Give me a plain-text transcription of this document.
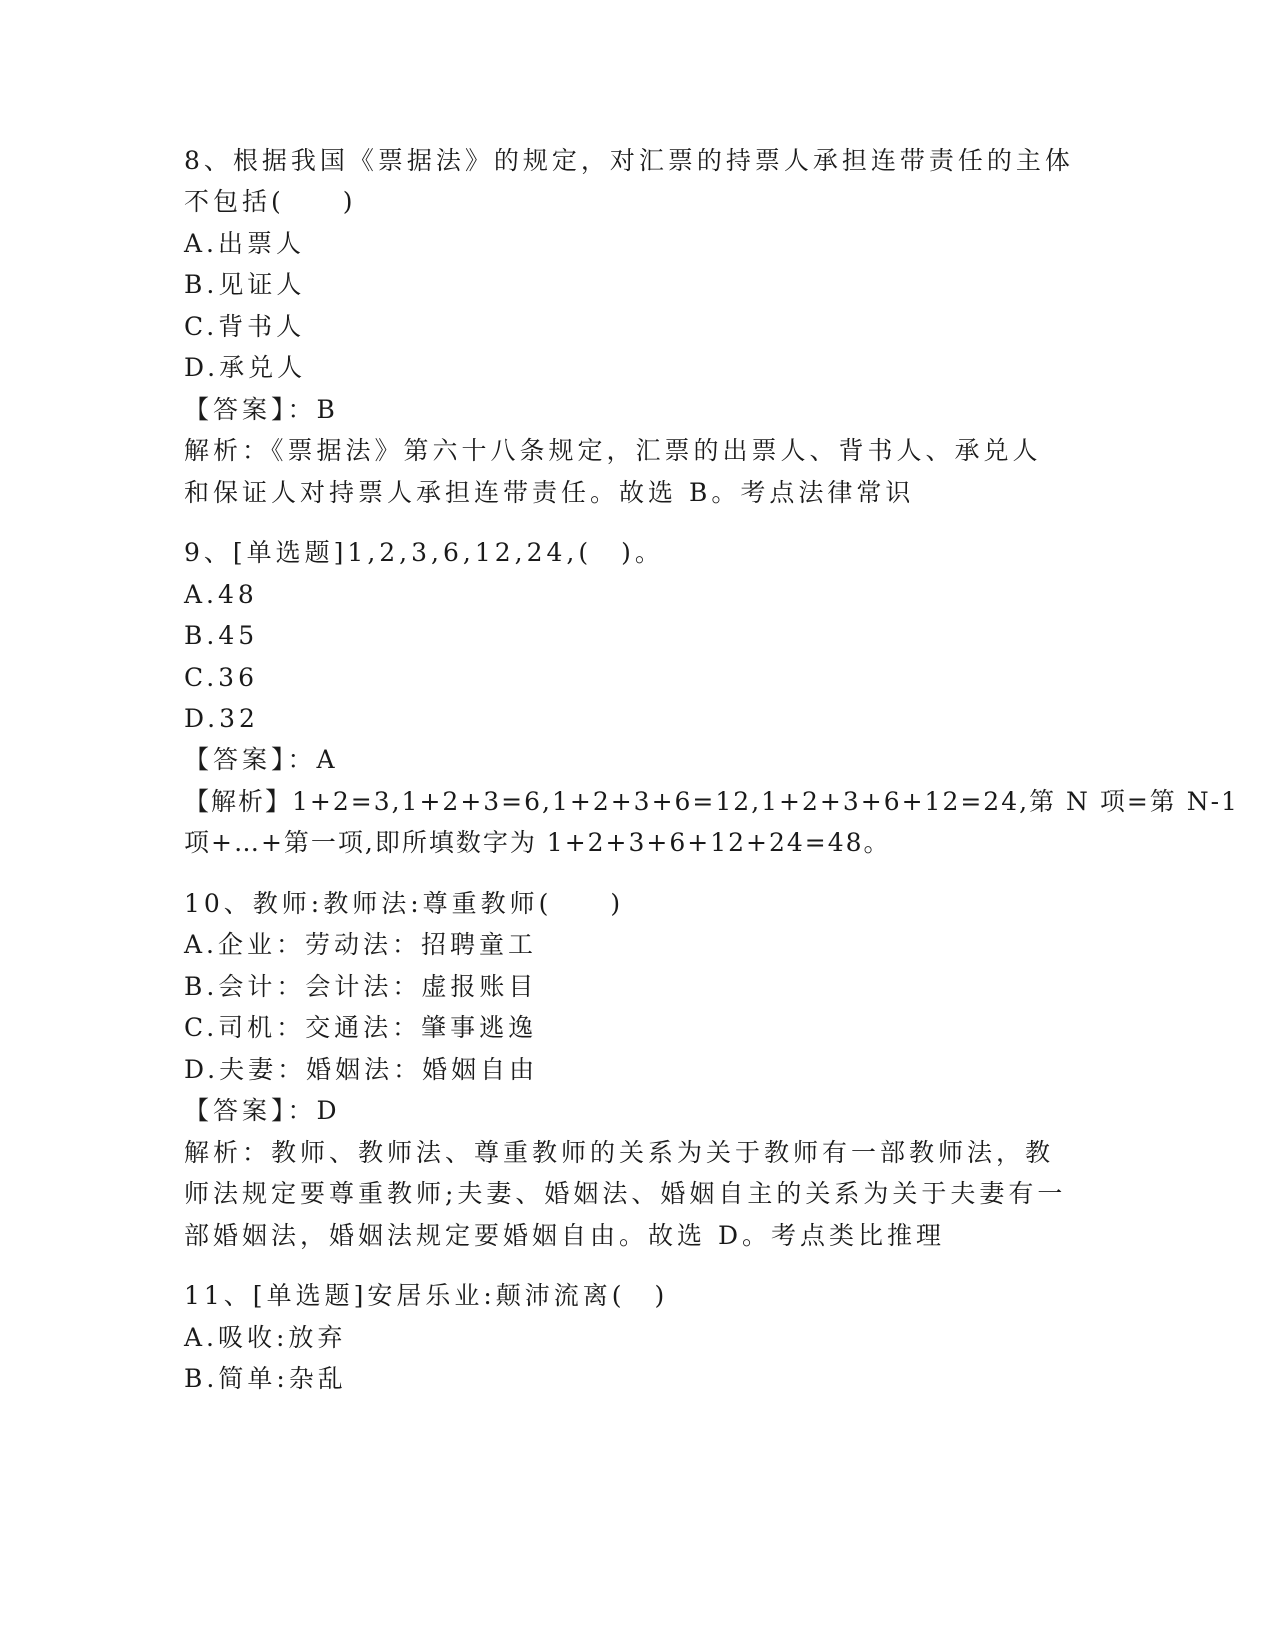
8、根据我国《票据法》的规定，对汇票的持票人承担连带责任的主体
不包括(　　)
A.出票人
B.见证人
C.背书人
D.承兑人
【答案】：B
解析：《票据法》第六十八条规定，汇票的出票人、背书人、承兑人
和保证人对持票人承担连带责任。故选 B。考点法律常识
9、[单选题]1,2,3,6,12,24,(　)。
A.48
B.45
C.36
D.32
【答案】：A
【解析】1+2=3,1+2+3=6,1+2+3+6=12,1+2+3+6+12=24,第 N 项=第 N-1
项+…+第一项,即所填数字为 1+2+3+6+12+24=48。
10、教师:教师法:尊重教师(　　)
A.企业：劳动法：招聘童工
B.会计：会计法：虚报账目
C.司机：交通法：肇事逃逸
D.夫妻：婚姻法：婚姻自由
【答案】：D
解析：教师、教师法、尊重教师的关系为关于教师有一部教师法，教
师法规定要尊重教师;夫妻、婚姻法、婚姻自主的关系为关于夫妻有一
部婚姻法，婚姻法规定要婚姻自由。故选 D。考点类比推理
11、[单选题]安居乐业:颠沛流离(　)
A.吸收:放弃
B.简单:杂乱
